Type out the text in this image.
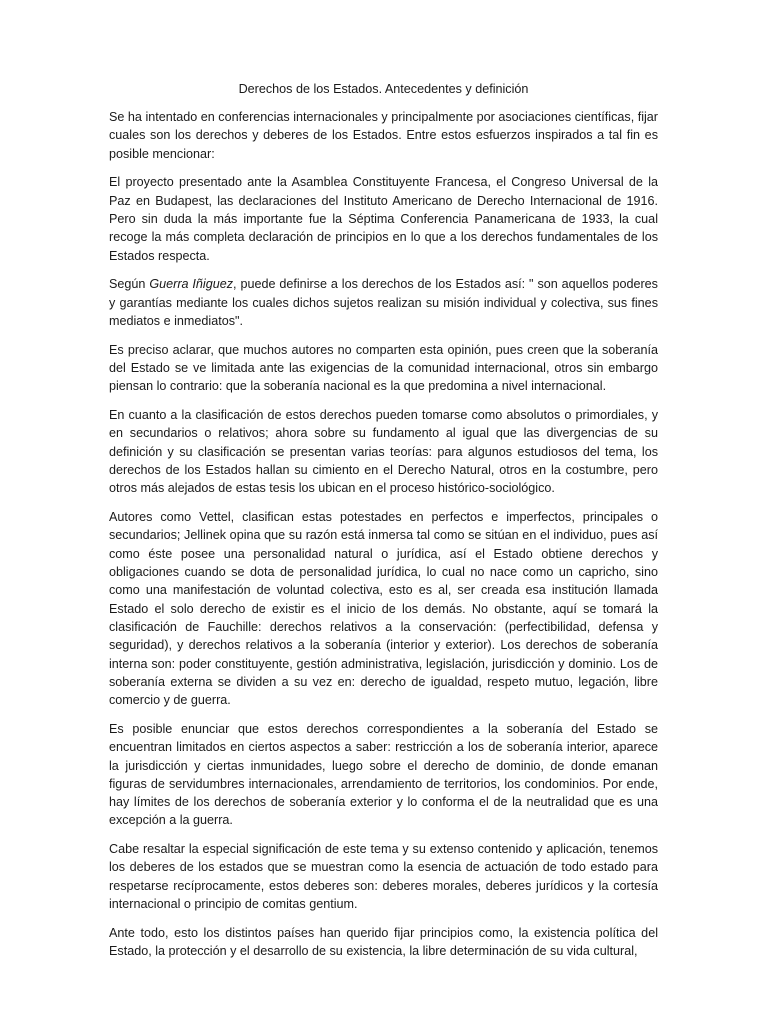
Derechos de los Estados. Antecedentes y definición

Se ha intentado en conferencias internacionales y principalmente por asociaciones científicas, fijar cuales son los derechos y deberes de los Estados. Entre estos esfuerzos inspirados a tal fin es posible mencionar:

El proyecto presentado ante la Asamblea Constituyente Francesa, el Congreso Universal de la Paz en Budapest, las declaraciones del Instituto Americano de Derecho Internacional de 1916. Pero sin duda la más importante fue la Séptima Conferencia Panamericana de 1933, la cual recoge la más completa declaración de principios en lo que a los derechos fundamentales de los Estados respecta.

Según Guerra Iñiguez, puede definirse a los derechos de los Estados así: " son aquellos poderes y garantías mediante los cuales dichos sujetos realizan su misión individual y colectiva, sus fines mediatos e inmediatos".

Es preciso aclarar, que muchos autores no comparten esta opinión, pues creen que la soberanía del Estado se ve limitada ante las exigencias de la comunidad internacional, otros sin embargo piensan lo contrario: que la soberanía nacional es la que predomina a nivel internacional.

En cuanto a la clasificación de estos derechos pueden tomarse como absolutos o primordiales, y en secundarios o relativos; ahora sobre su fundamento al igual que las divergencias de su definición y su clasificación se presentan varias teorías: para algunos estudiosos del tema, los derechos de los Estados hallan su cimiento en el Derecho Natural, otros en la costumbre, pero otros más alejados de estas tesis los ubican en el proceso histórico-sociológico.

Autores como Vettel, clasifican estas potestades en perfectos e imperfectos, principales o secundarios; Jellinek opina que su razón está inmersa tal como se sitúan en el individuo, pues así como éste posee una personalidad natural o jurídica, así el Estado obtiene derechos y obligaciones cuando se dota de personalidad jurídica, lo cual no nace como un capricho, sino como una manifestación de voluntad colectiva, esto es al, ser creada esa institución llamada Estado el solo derecho de existir es el inicio de los demás. No obstante, aquí se tomará la clasificación de Fauchille: derechos relativos a la conservación: (perfectibilidad, defensa y seguridad), y derechos relativos a la soberanía (interior y exterior). Los derechos de soberanía interna son: poder constituyente, gestión administrativa, legislación, jurisdicción y dominio. Los de soberanía externa se dividen a su vez en: derecho de igualdad, respeto mutuo, legación, libre comercio y de guerra.

Es posible enunciar que estos derechos correspondientes a la soberanía del Estado se encuentran limitados en ciertos aspectos a saber: restricción a los de soberanía interior, aparece la jurisdicción y ciertas inmunidades, luego sobre el derecho de dominio, de donde emanan figuras de servidumbres internacionales, arrendamiento de territorios, los condominios. Por ende, hay límites de los derechos de soberanía exterior y lo conforma el de la neutralidad que es una excepción a la guerra.

Cabe resaltar la especial significación de este tema y su extenso contenido y aplicación, tenemos los deberes de los estados que se muestran como la esencia de actuación de todo estado para respetarse recíprocamente, estos deberes son: deberes morales, deberes jurídicos y la cortesía internacional o principio de comitas gentium.

Ante todo, esto los distintos países han querido fijar principios como, la existencia política del Estado, la protección y el desarrollo de su existencia, la libre determinación de su vida cultural,
